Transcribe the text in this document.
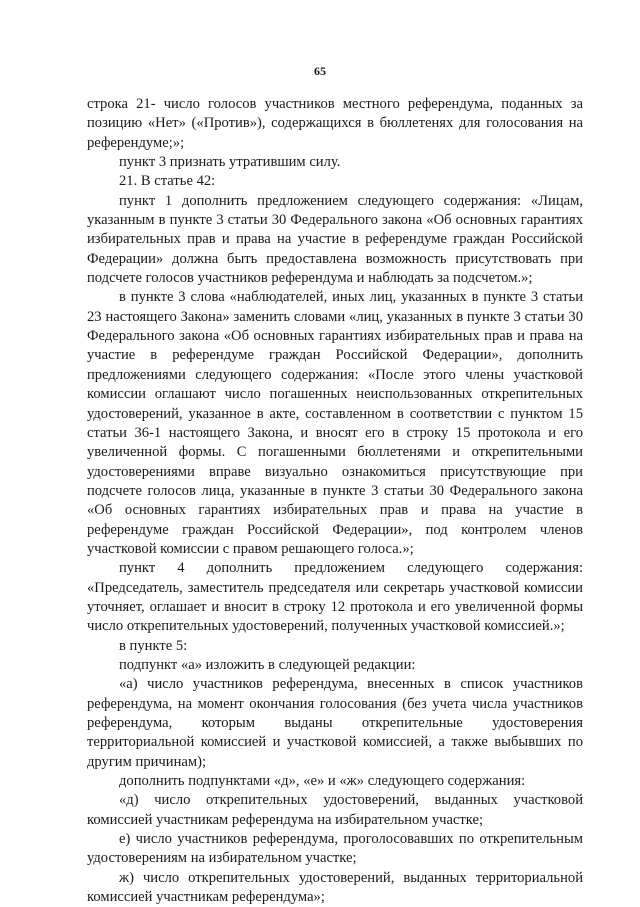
65

строка 21- число голосов участников местного референдума, поданных за позицию «Нет» («Против»), содержащихся в бюллетенях для голосования на референдуме;»;

пункт 3 признать утратившим силу.

21. В статье 42:

пункт 1 дополнить предложением следующего содержания: «Лицам, указанным в пункте 3 статьи 30 Федерального закона «Об основных гарантиях избирательных прав и права на участие в референдуме граждан Российской Федерации» должна быть предоставлена возможность присутствовать при подсчете голосов участников референдума и наблюдать за подсчетом.»;

в пункте 3 слова «наблюдателей, иных лиц, указанных в пункте 3 статьи 23 настоящего Закона» заменить словами «лиц, указанных в пункте 3 статьи 30 Федерального закона «Об основных гарантиях избирательных прав и права на участие в референдуме граждан Российской Федерации», дополнить предложениями следующего содержания: «После этого члены участковой комиссии оглашают число погашенных неиспользованных открепительных удостоверений, указанное в акте, составленном в соответствии с пунктом 15 статьи 36-1 настоящего Закона, и вносят его в строку 15 протокола и его увеличенной формы. С погашенными бюллетенями и открепительными удостоверениями вправе визуально ознакомиться присутствующие при подсчете голосов лица, указанные в пункте 3 статьи 30 Федерального закона «Об основных гарантиях избирательных прав и права на участие в референдуме граждан Российской Федерации», под контролем членов участковой комиссии с правом решающего голоса.»;

пункт 4 дополнить предложением следующего содержания: «Председатель, заместитель председателя или секретарь участковой комиссии уточняет, оглашает и вносит в строку 12 протокола и его увеличенной формы число открепительных удостоверений, полученных участковой комиссией.»;

в пункте 5:

подпункт «а» изложить в следующей редакции:

«а) число участников референдума, внесенных в список участников референдума, на момент окончания голосования (без учета числа участников референдума, которым выданы открепительные удостоверения территориальной комиссией и участковой комиссией, а также выбывших по другим причинам);

дополнить подпунктами «д», «е» и «ж» следующего содержания:

«д) число открепительных удостоверений, выданных участковой комиссией участникам референдума на избирательном участке;

е) число участников референдума, проголосовавших по открепительным удостоверениям на избирательном участке;

ж) число открепительных удостоверений, выданных территориальной комиссией участникам референдума»;
